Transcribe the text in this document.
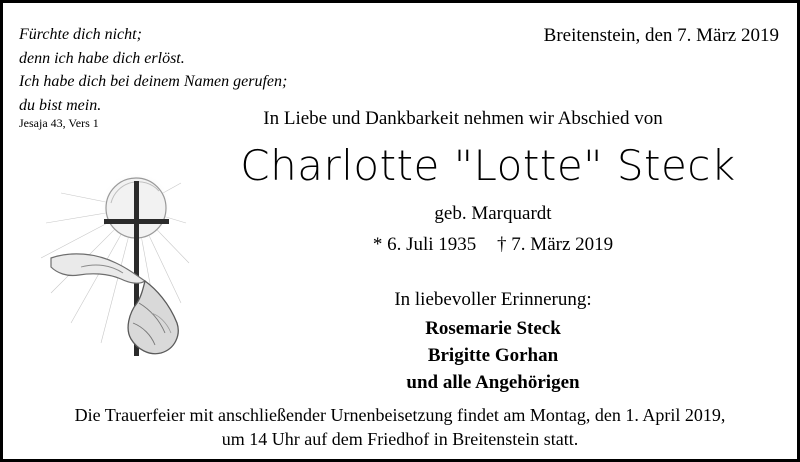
Fürchte dich nicht;
denn ich habe dich erlöst.
Ich habe dich bei deinem Namen gerufen;
du bist mein.
Jesaja 43, Vers 1
Breitenstein, den 7. März 2019
In Liebe und Dankbarkeit nehmen wir Abschied von
Charlotte "Lotte" Steck
geb. Marquardt
* 6. Juli 1935 † 7. März 2019
In liebevoller Erinnerung:
Rosemarie Steck
Brigitte Gorhan
und alle Angehörigen
Die Trauerfeier mit anschließender Urnenbeisetzung findet am Montag, den 1. April 2019,
um 14 Uhr auf dem Friedhof in Breitenstein statt.
